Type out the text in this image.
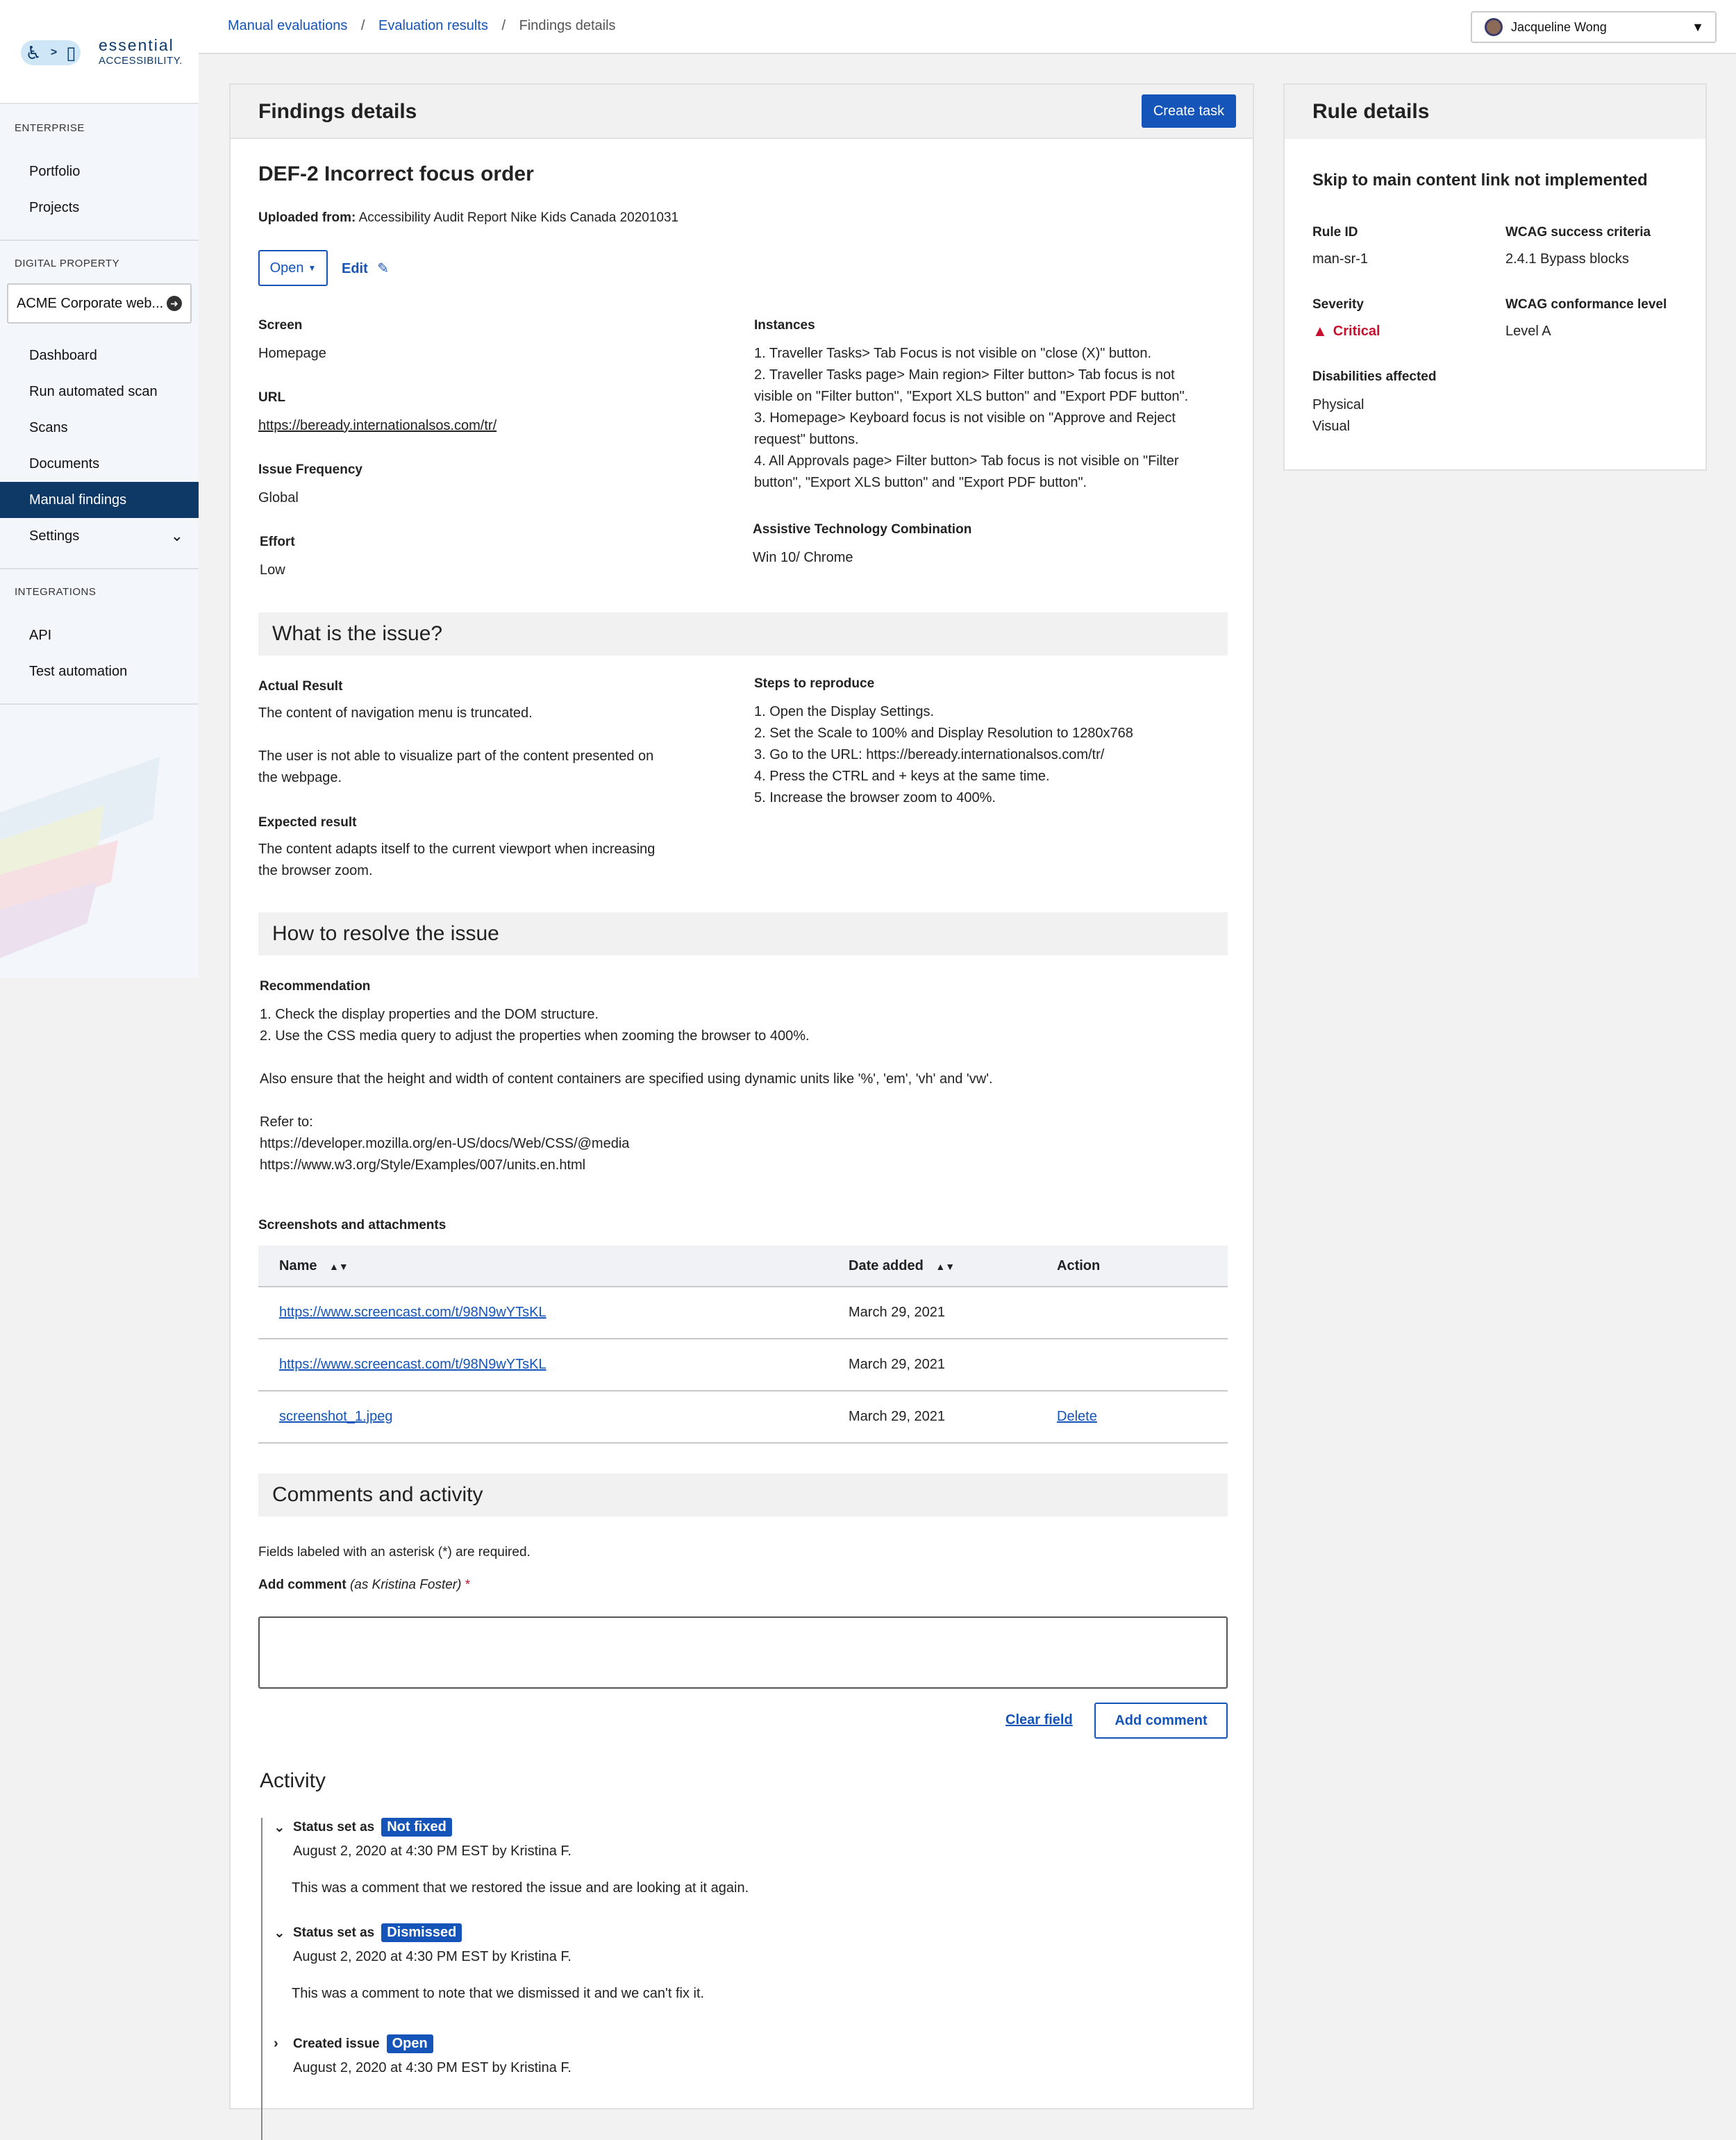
♿ > ▯ essential
ACCESSIBILITY.
ENTERPRISE
Portfolio
Projects
DIGITAL PROPERTY
ACME Corporate web... ➜
Dashboard
Run automated scan
Scans
Documents
Manual findings
Settings	⌄
INTEGRATIONS
API
Test automation
Manual evaluations / Evaluation results / Findings details	Jacqueline Wong	▼
Findings details	Create task
DEF-2 Incorrect focus order
Uploaded from: Accessibility Audit Report Nike Kids Canada 20201031
Open ▼ Edit ✎
Screen
Homepage
URL
https://beready.internationalsos.com/tr/
Issue Frequency
Global
Effort
Low
Instances
1. Traveller Tasks> Tab Focus is not visible on "close (X)" button.
2. Traveller Tasks page> Main region> Filter button> Tab focus is not
visible on "Filter button", "Export XLS button" and "Export PDF button".
3. Homepage> Keyboard focus is not visible on "Approve and Reject
request" buttons.
4. All Approvals page> Filter button> Tab focus is not visible on "Filter
button", "Export XLS button" and "Export PDF button".
Assistive Technology Combination
Win 10/ Chrome
What is the issue?
Actual Result
The content of navigation menu is truncated.
The user is not able to visualize part of the content presented on
the webpage.
Expected result
The content adapts itself to the current viewport when increasing
the browser zoom.
Steps to reproduce
1. Open the Display Settings.
2. Set the Scale to 100% and Display Resolution to 1280x768
3. Go to the URL: https://beready.internationalsos.com/tr/
4. Press the CTRL and + keys at the same time.
5. Increase the browser zoom to 400%.
How to resolve the issue
Recommendation
1. Check the display properties and the DOM structure.
2. Use the CSS media query to adjust the properties when zooming the browser to 400%.
Also ensure that the height and width of content containers are specified using dynamic units like '%', 'em', 'vh' and 'vw'.
Refer to:
https://developer.mozilla.org/en-US/docs/Web/CSS/@media
https://www.w3.org/Style/Examples/007/units.en.html
Screenshots and attachments
Name ▲▼	Date added ▲▼	Action
https://www.screencast.com/t/98N9wYTsKL	March 29, 2021
https://www.screencast.com/t/98N9wYTsKL	March 29, 2021
screenshot_1.jpeg	March 29, 2021	Delete
Comments and activity
Fields labeled with an asterisk (*) are required.
Add comment (as Kristina Foster) *
Clear field	Add comment
Activity
⌄ Status set as Not fixed
August 2, 2020 at 4:30 PM EST by Kristina F.
This was a comment that we restored the issue and are looking at it again.
⌄ Status set as Dismissed
August 2, 2020 at 4:30 PM EST by Kristina F.
This was a comment to note that we dismissed it and we can't fix it.
›	Created issue Open
August 2, 2020 at 4:30 PM EST by Kristina F.
Rule details
Skip to main content link not implemented
Rule ID
man-sr-1
WCAG success criteria
2.4.1 Bypass blocks
Severity
▲ Critical
WCAG conformance level
Level A
Disabilities affected
Physical
Visual
